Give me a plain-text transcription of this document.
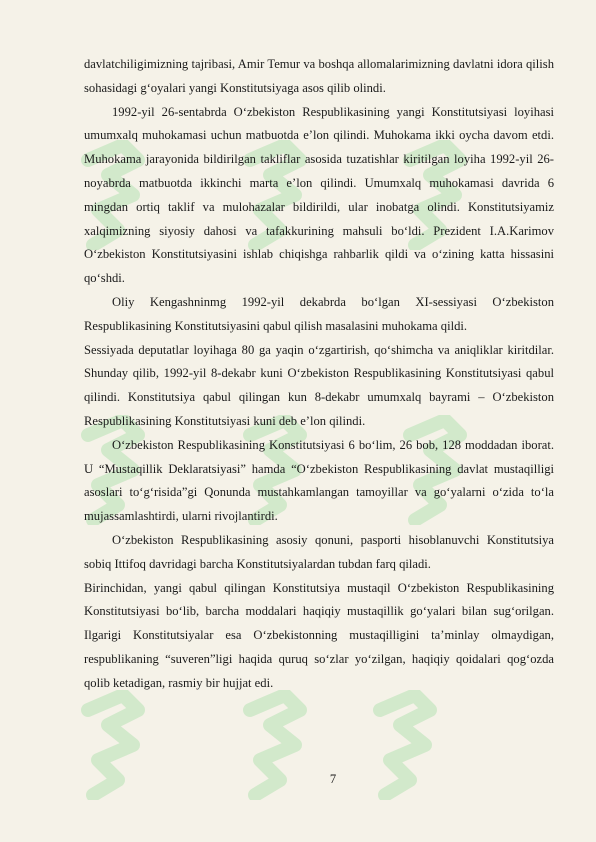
davlatchiligimizning tajribasi, Amir Temur va boshqa allomalarimizning davlatni idora qilish sohasidagi g‘oyalari yangi Konstitutsiyaga asos qilib olindi.

1992-yil 26-sentabrda O‘zbekiston Respublikasining yangi Konstitutsiyasi loyihasi umumxalq muhokamasi uchun matbuotda e’lon qilindi. Muhokama ikki oycha davom etdi. Muhokama jarayonida bildirilgan takliflar asosida tuzatishlar kiritilgan loyiha 1992-yil 26-noyabrda matbuotda ikkinchi marta e’lon qilindi. Umumxalq muhokamasi davrida 6 mingdan ortiq taklif va mulohazalar bildirildi, ular inobatga olindi. Konstitutsiyamiz xalqimizning siyosiy dahosi va tafakkurining mahsuli bo‘ldi. Prezident I.A.Karimov O‘zbekiston Konstitutsiyasini ishlab chiqishga rahbarlik qildi va o‘zining katta hissasini qo‘shdi.

Oliy Kengashninmg 1992-yil dekabrda bo‘lgan XI-sessiyasi O‘zbekiston Respublikasining Konstitutsiyasini qabul qilish masalasini muhokama qildi.

Sessiyada deputatlar loyihaga 80 ga yaqin o‘zgartirish, qo‘shimcha va aniqliklar kiritdilar. Shunday qilib, 1992-yil 8-dekabr kuni O‘zbekiston Respublikasining Konstitutsiyasi qabul qilindi. Konstitutsiya qabul qilingan kun 8-dekabr umumxalq bayrami – O‘zbekiston Respublikasining Konstitutsiyasi kuni deb e’lon qilindi.

O‘zbekiston Respublikasining Konstitutsiyasi 6 bo‘lim, 26 bob, 128 moddadan iborat. U “Mustaqillik Deklaratsiyasi” hamda “O‘zbekiston Respublikasining davlat mustaqilligi asoslari to‘g‘risida”gi Qonunda mustahkamlangan tamoyillar va go‘yalarni o‘zida to‘la mujassamlashtirdi, ularni rivojlantirdi.

O‘zbekiston Respublikasining asosiy qonuni, pasporti hisoblanuvchi Konstitutsiya sobiq Ittifoq davridagi barcha Konstitutsiyalardan tubdan farq qiladi.

Birinchidan, yangi qabul qilingan Konstitutsiya mustaqil O‘zbekiston Respublikasining Konstitutsiyasi bo‘lib, barcha moddalari haqiqiy mustaqillik go‘yalari bilan sug‘orilgan. Ilgarigi Konstitutsiyalar esa O‘zbekistonning mustaqilligini ta’minlay olmaydigan, respublikaning “suveren”ligi haqida quruq so‘zlar yo‘zilgan, haqiqiy qoidalari qog‘ozda qolib ketadigan, rasmiy bir hujjat edi.

7
